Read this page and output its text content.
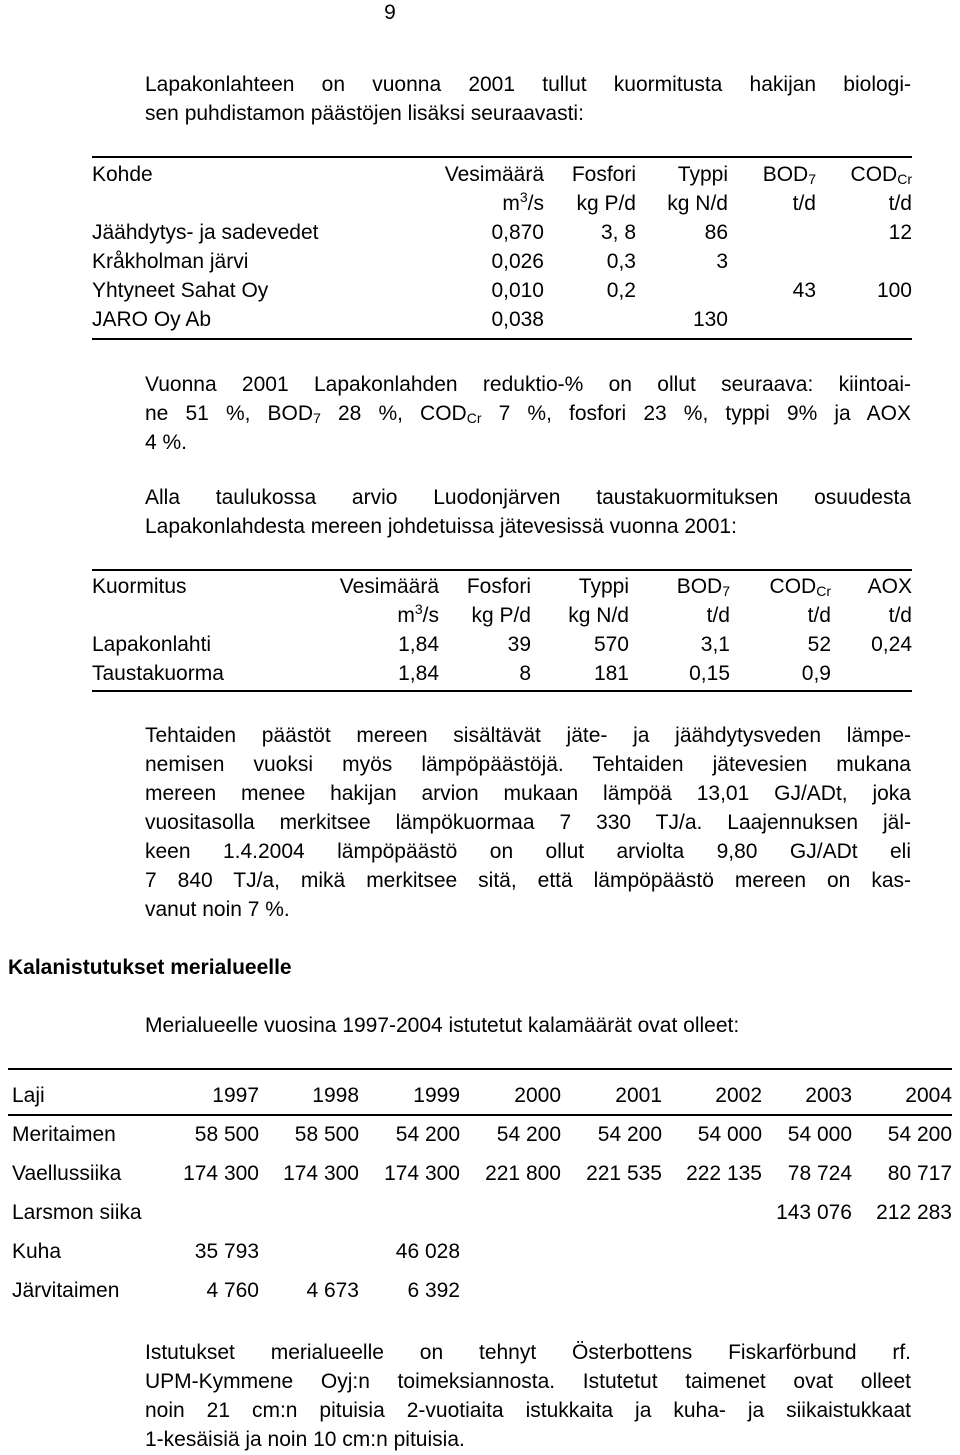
9
Lapakonlahteen on vuonna 2001 tullut kuormitusta hakijan biologi-
sen puhdistamon päästöjen lisäksi seuraavasti:
Kohde	Vesimäärä	Fosfori	Typpi	$BOD_7$	$COD_{Cr}$
	$m^3/s$	kg P/d	kg N/d	t/d	t/d
Jäähdytys- ja sadevedet	0,870	3, 8	86		12
Kråkholman järvi	0,026	0,3	3		
Yhtyneet Sahat Oy	0,010	0,2		43	100
JARO Oy Ab	0,038		130		
Vuonna 2001 Lapakonlahden reduktio-% on ollut seuraava: kiintoai-
ne 51 %, $BOD_7$ 28 %, $COD_{Cr}$ 7 %, fosfori 23 %, typpi 9% ja AOX
4 %.
Alla taulukossa arvio Luodonjärven taustakuormituksen osuudesta
Lapakonlahdesta mereen johdetuissa jätevesissä vuonna 2001:
Kuormitus	Vesimäärä	Fosfori	Typpi	$BOD_7$	$COD_{Cr}$	AOX
	$m^3/s$	kg P/d	kg N/d	t/d	t/d	t/d
Lapakonlahti	1,84	39	570	3,1	52	0,24
Taustakuorma	1,84	8	181	0,15	0,9	
Tehtaiden päästöt mereen sisältävät jäte- ja jäähdytysveden lämpe-
nemisen vuoksi myös lämpöpäästöjä. Tehtaiden jätevesien mukana
mereen menee hakijan arvion mukaan lämpöä 13,01 GJ/ADt, joka
vuositasolla merkitsee lämpökuormaa 7 330 TJ/a. Laajennuksen jäl-
keen 1.4.2004 lämpöpäästö on ollut arviolta 9,80 GJ/ADt eli
7 840 TJ/a, mikä merkitsee sitä, että lämpöpäästö mereen on kas-
vanut noin 7 %.
Kalanistutukset merialueelle
Merialueelle vuosina 1997-2004 istutetut kalamäärät ovat olleet:
Laji	1997	1998	1999	2000	2001	2002	2003	2004
Meritaimen	58 500	58 500	54 200	54 200	54 200	54 000	54 000	54 200
Vaellussiika	174 300	174 300	174 300	221 800	221 535	222 135	78 724	80 717
Larsmon siika							143 076	212 283
Kuha	35 793		46 028					
Järvitaimen	4 760	4 673	6 392					
Istutukset merialueelle on tehnyt Österbottens Fiskarförbund rf.
UPM-Kymmene Oyj:n toimeksiannosta. Istutetut taimenet ovat olleet
noin 21 cm:n pituisia 2-vuotiaita istukkaita ja kuha- ja siikaistukkaat
1-kesäisiä ja noin 10 cm:n pituisia.
